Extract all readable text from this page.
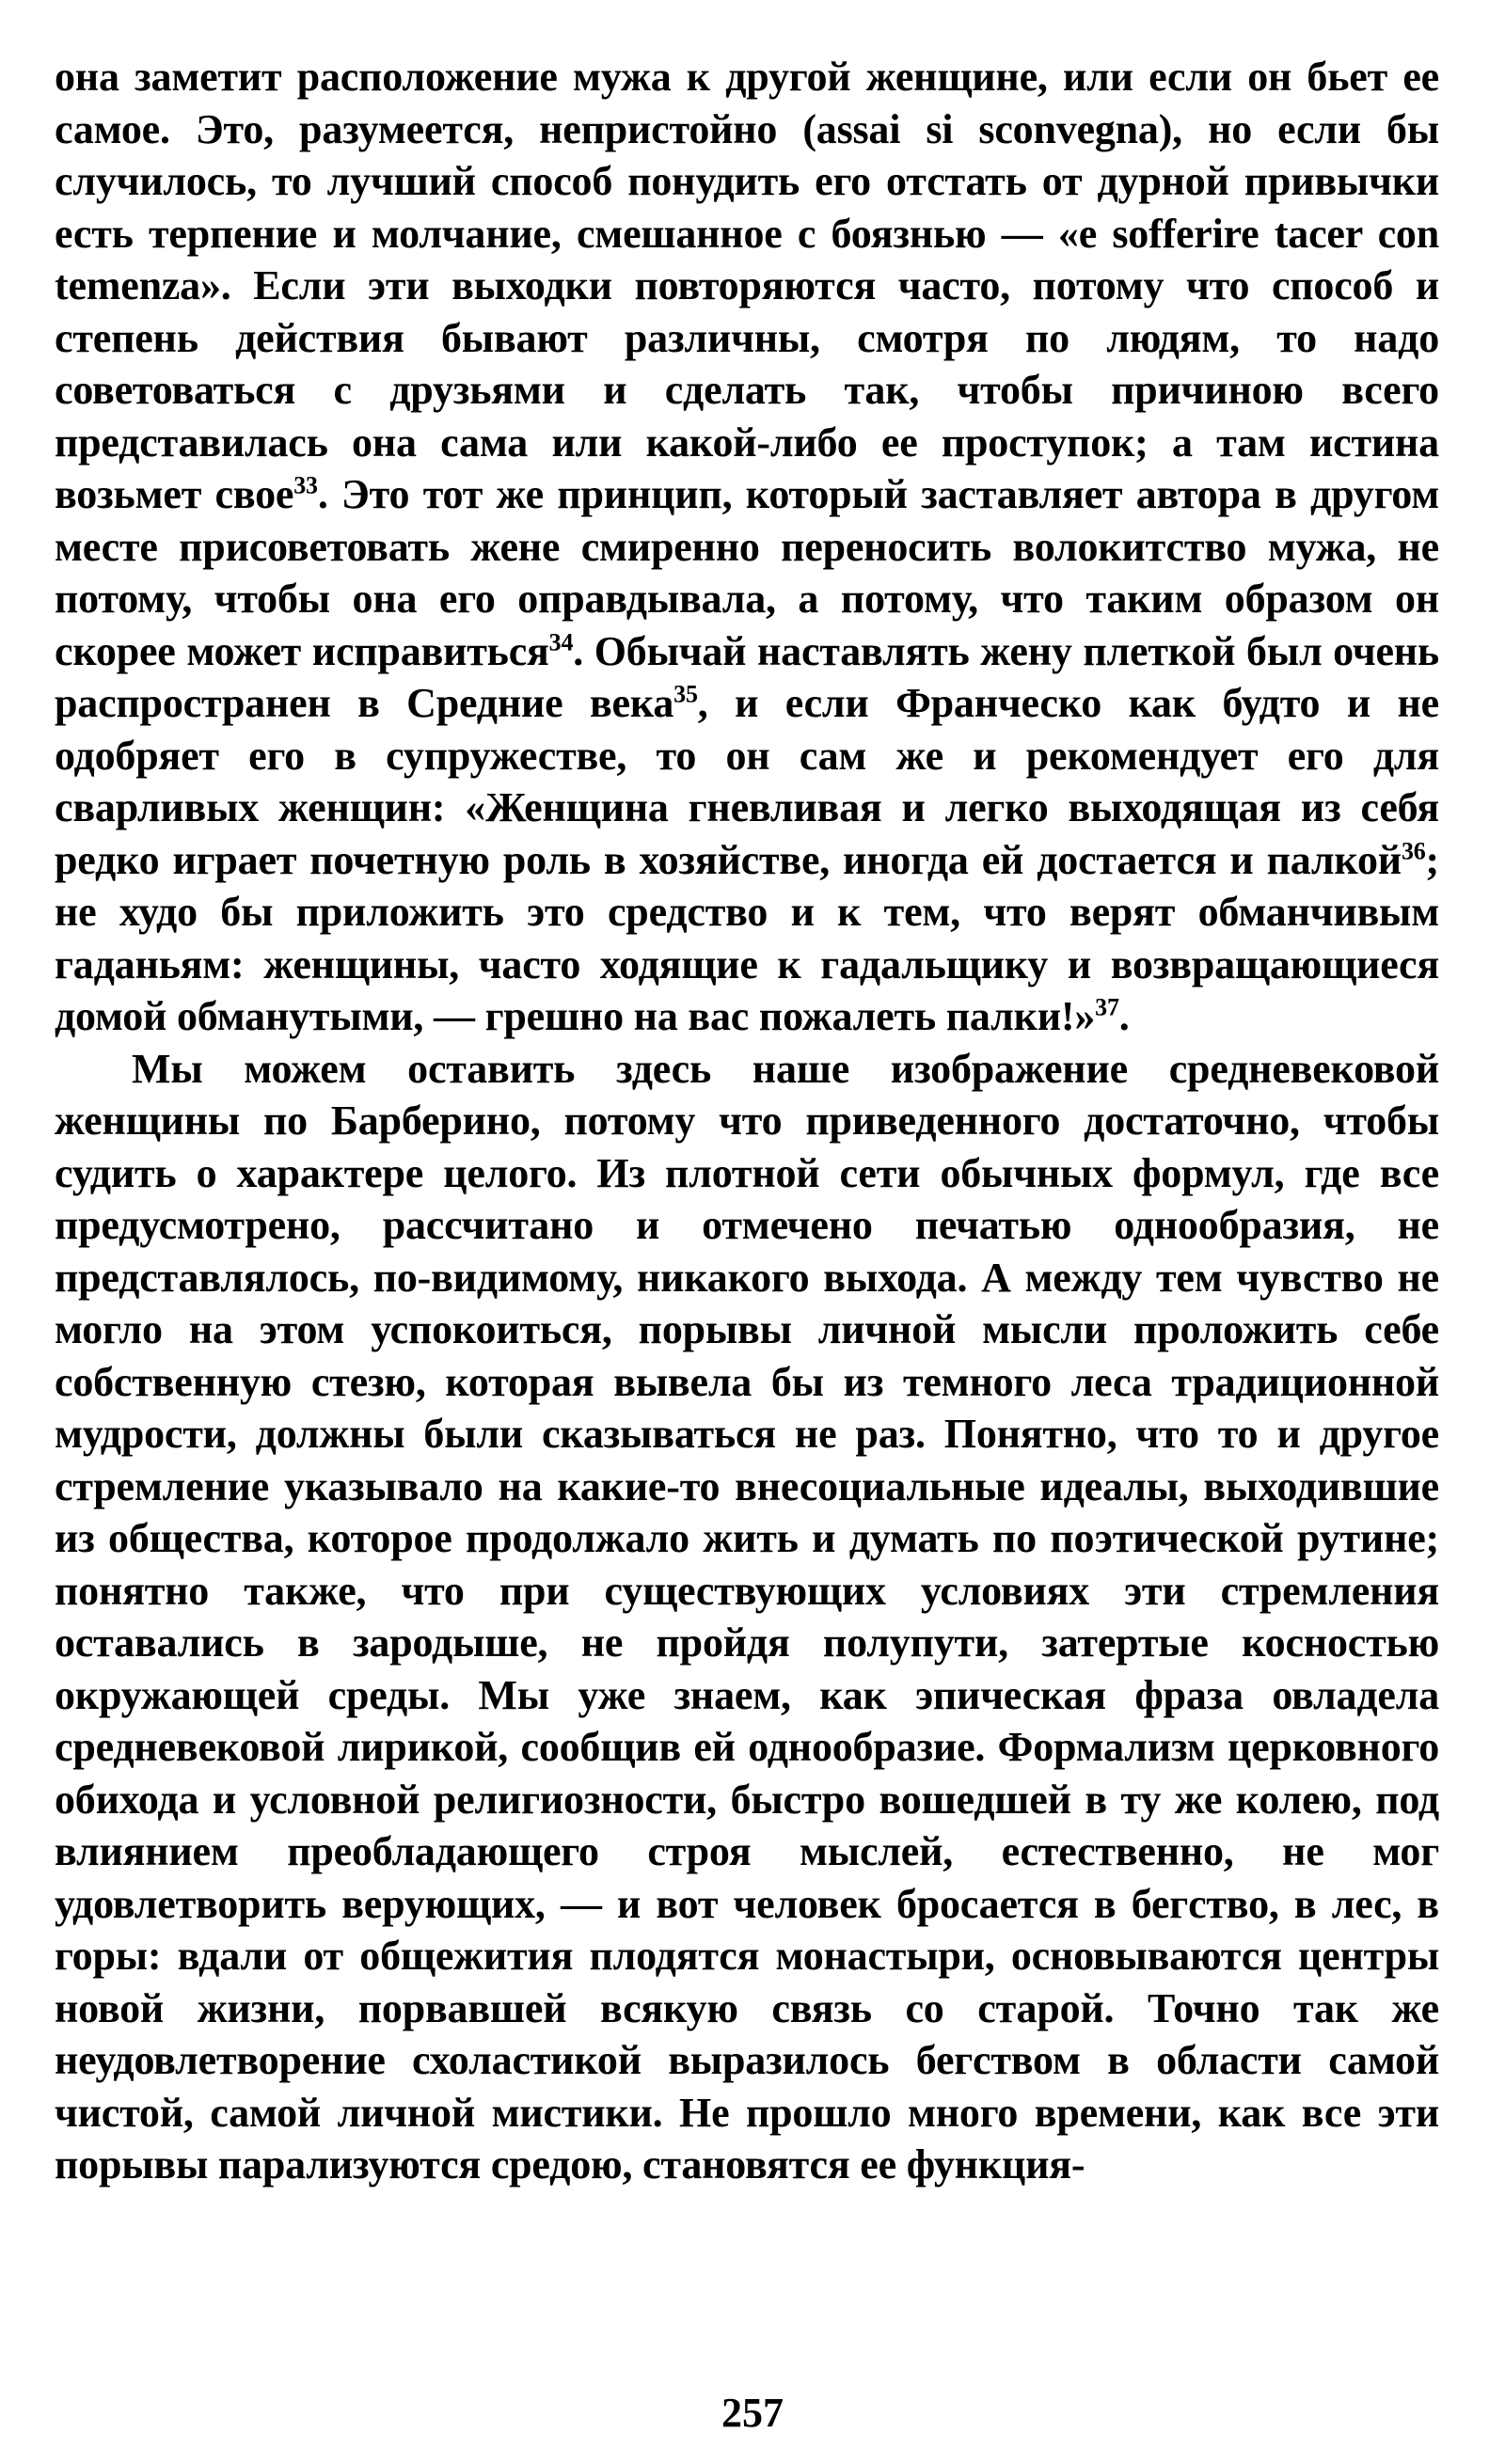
она заметит расположение мужа к другой женщине, или если он бьет ее самое. Это, разумеется, непристойно (assai si sconvegna), но если бы случилось, то лучший способ понудить его отстать от дурной привычки есть терпение и молчание, смешанное с боязнью — «e sofferire tacer con temenza». Если эти выходки повторяются часто, потому что способ и степень действия бывают различны, смотря по людям, то надо советоваться с друзьями и сделать так, чтобы причиною всего представилась она сама или какой-либо ее проступок; а там истина возьмет свое$^{33}$. Это тот же принцип, который заставляет автора в другом месте присоветовать жене смиренно переносить волокитство мужа, не потому, чтобы она его оправдывала, а потому, что таким образом он скорее может исправиться$^{34}$. Обычай наставлять жену плеткой был очень распространен в Средние века$^{35}$, и если Франческо как будто и не одобряет его в супружестве, то он сам же и рекомендует его для сварливых женщин: «Женщина гневливая и легко выходящая из себя редко играет почетную роль в хозяйстве, иногда ей достается и палкой$^{36}$; не худо бы приложить это средство и к тем, что верят обманчивым гаданьям: женщины, часто ходящие к гадальщику и возвращающиеся домой обманутыми, — грешно на вас пожалеть палки!»$^{37}$.

Мы можем оставить здесь наше изображение средневековой женщины по Барберино, потому что приведенного достаточно, чтобы судить о характере целого. Из плотной сети обычных формул, где все предусмотрено, рассчитано и отмечено печатью однообразия, не представлялось, по-видимому, никакого выхода. А между тем чувство не могло на этом успокоиться, порывы личной мысли проложить себе собственную стезю, которая вывела бы из темного леса традиционной мудрости, должны были сказываться не раз. Понятно, что то и другое стремление указывало на какие-то внесоциальные идеалы, выходившие из общества, которое продолжало жить и думать по поэтической рутине; понятно также, что при существующих условиях эти стремления оставались в зародыше, не пройдя полупути, затертые косностью окружающей среды. Мы уже знаем, как эпическая фраза овладела средневековой лирикой, сообщив ей однообразие. Формализм церковного обихода и условной религиозности, быстро вошедшей в ту же колею, под влиянием преобладающего строя мыслей, естественно, не мог удовлетворить верующих, — и вот человек бросается в бегство, в лес, в горы: вдали от общежития плодятся монастыри, основываются центры новой жизни, порвавшей всякую связь со старой. Точно так же неудовлетворение схоластикой выразилось бегством в области самой чистой, самой личной мистики. Не прошло много времени, как все эти порывы парализуются средою, становятся ее функция-

257
